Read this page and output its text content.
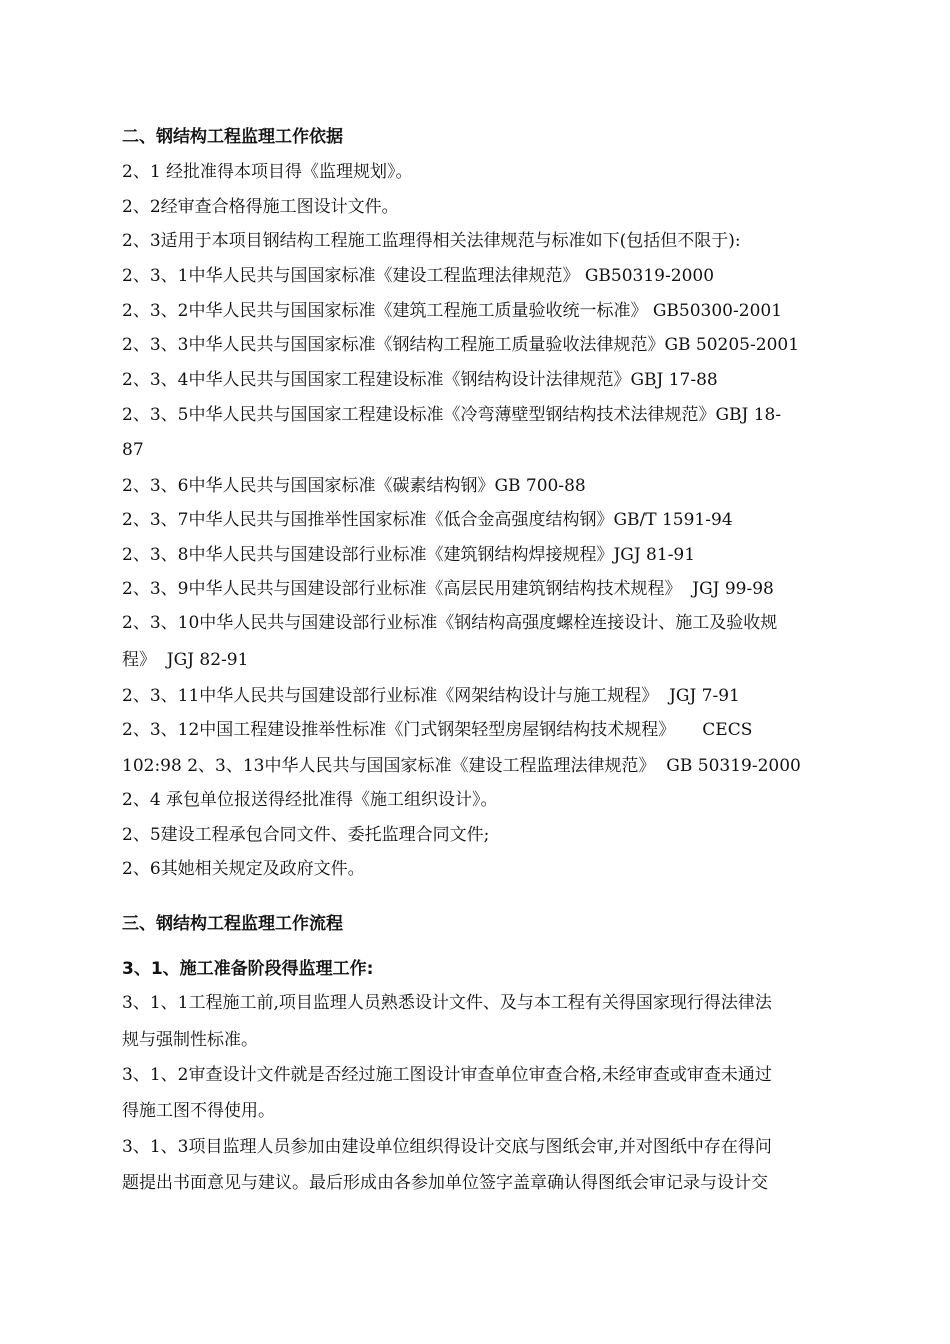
二、钢结构工程监理工作依据
2、1 经批准得本项目得《监理规划》。
2、2经审查合格得施工图设计文件。
2、3适用于本项目钢结构工程施工监理得相关法律规范与标准如下(包括但不限于):
2、3、1中华人民共与国国家标准《建设工程监理法律规范》 GB50319-2000
2、3、2中华人民共与国国家标准《建筑工程施工质量验收统一标准》 GB50300-2001
2、3、3中华人民共与国国家标准《钢结构工程施工质量验收法律规范》GB 50205-2001
2、3、4中华人民共与国国家工程建设标准《钢结构设计法律规范》GBJ 17-88
2、3、5中华人民共与国国家工程建设标准《冷弯薄壁型钢结构技术法律规范》GBJ 18-
87
2、3、6中华人民共与国国家标准《碳素结构钢》GB 700-88
2、3、7中华人民共与国推举性国家标准《低合金高强度结构钢》GB/T 1591-94
2、3、8中华人民共与国建设部行业标准《建筑钢结构焊接规程》JGJ 81-91
2、3、9中华人民共与国建设部行业标准《高层民用建筑钢结构技术规程》  JGJ 99-98
2、3、10中华人民共与国建设部行业标准《钢结构高强度螺栓连接设计、施工及验收规
程》  JGJ 82-91
2、3、11中华人民共与国建设部行业标准《网架结构设计与施工规程》  JGJ 7-91
2、3、12中国工程建设推举性标准《门式钢架轻型房屋钢结构技术规程》     CECS
102:98 2、3、13中华人民共与国国家标准《建设工程监理法律规范》  GB 50319-2000
2、4 承包单位报送得经批准得《施工组织设计》。
2、5建设工程承包合同文件、委托监理合同文件;
2、6其她相关规定及政府文件。
三、钢结构工程监理工作流程
3、1、施工准备阶段得监理工作:
3、1、1工程施工前,项目监理人员熟悉设计文件、及与本工程有关得国家现行得法律法
规与强制性标准。
3、1、2审查设计文件就是否经过施工图设计审查单位审查合格,未经审查或审查未通过
得施工图不得使用。
3、1、3项目监理人员参加由建设单位组织得设计交底与图纸会审,并对图纸中存在得问
题提出书面意见与建议。最后形成由各参加单位签字盖章确认得图纸会审记录与设计交
